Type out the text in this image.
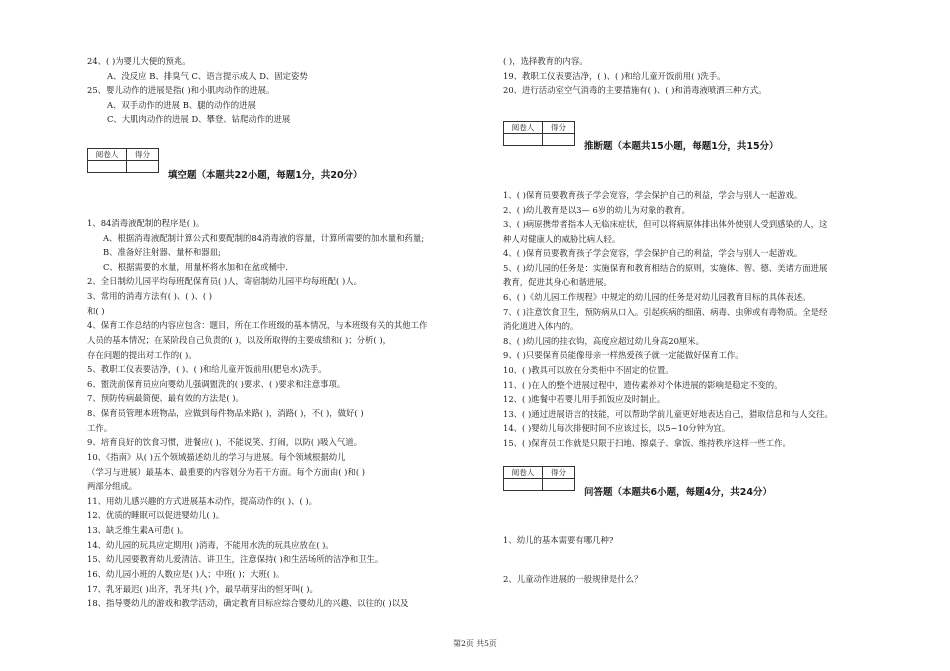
阅卷人	得分

填空题（本题共22小题，每题1分，共20分）
阅卷人	得分

推断题（本题共15小题，每题1分，共15分）
阅卷人	得分

问答题（本题共6小题，每题4分，共24分）
第2页 共5页
24、( )为婴儿大便的预兆。
A、没反应 B、排臭气 C、语言提示成人 D、固定姿势
25、婴儿动作的进展是指( )和小肌肉动作的进展。
A、双手动作的进展 B、腿的动作的进展
C、大肌肉动作的进展 D、攀登、钻爬动作的进展
1、84消毒液配制的程序是( )。
A、根据消毒液配制计算公式和要配制的84消毒液的容量，计算所需要的加水量和药量;
B、准备好注射器、量杯和器皿;
C、根据需要的水量，用量杯将水加和在盆或桶中.
2、全日制幼儿园平均每班配保育员( )人，寄宿制幼儿园平均每班配( )人。
3、常用的消毒方法有( )、( )、( )
和( )
4、保育工作总结的内容应包含：题目，所在工作班级的基本情况，与本班级有关的其他工作
人员的基本情况；在某阶段自己负责的( )，以及所取得的主要成绩和( )；分析( )，
存在问题的提出对工作的( )。
5、教职工仪表要洁净，( )、( )和给儿童开饭前用(肥皂水)洗手。
6、盥洗前保育员应向婴幼儿强调盥洗的( )要求、( )要求和注意事项。
7、预防传病最简便、最有效的方法是( )。
8、保育员管理本班物品，应做到每件物品来路( )，消路( )，不( )，做好( )
工作。
9、培育良好的饮食习惯，进餐应( )，不能说笑、打闹，以防( )吸入气道。
10、《指南》从( )五个领域描述幼儿的学习与进展。每个领域根据幼儿
（学习与进展）最基本、最重要的内容划分为若干方面。每个方面由( )和( )
两部分组成。
11、用幼儿感兴趣的方式进展基本动作，提高动作的( )、( )。
12、优质的睡眠可以促进婴幼儿( )。
13、缺乏维生素A可患( )。
14、幼儿园的玩具应定期用( )消毒，不能用水洗的玩具应放在( )。
15、幼儿园要教育幼儿爱清洁、讲卫生，注意保持( )和生活场所的洁净和卫生。
16、幼儿园小班的人数应是( )人；中班( )；大班( )。
17、乳牙最迟( )出齐，乳牙共( )个，最早萌芽出的恒牙叫( )。
18、指导婴幼儿的游戏和教学活动，确定教育目标应综合婴幼儿的兴趣、以往的( )以及
( )，选择教育的内容。
19、教职工仪表要洁净，( )、( )和给儿童开饭前用( )洗手。
20、进行活动室空气消毒的主要措施有( )、( )和消毒液喷洒三种方式。
1、( )保育员要教育孩子学会宽容，学会保护自己的利益，学会与别人一起游戏。
2、( )幼儿教育是以3— 6岁的幼儿为对象的教育。
3、( )病原携带者指本人无临床症状，但可以将病原体排出体外使别人受到感染的人，这
种人对健康人的威胁比病人轻。
4、( )保育员要教育孩子学会宽容，学会保护自己的利益，学会与别人一起游戏。
5、( )幼儿园的任务是：实施保育和教育相结合的原则，实施体、智、德、美诸方面进展
教育，促进其身心和谐进展。
6、( )《幼儿园工作规程》中规定的幼儿园的任务是对幼儿园教育目标的具体表述。
7、( )注意饮食卫生，预防病从口入。引起疾病的细菌、病毒、虫卵或有毒物质。全是经
消化道进入体内的。
8、( )幼儿园的挂衣钩，高度应超过幼儿身高20厘米。
9、( )只要保育员能像母亲一样热爱孩子就一定能做好保育工作。
10、( )教具可以放在分类柜中不固定的位置。
11、( )在人的整个进展过程中，遗传素养对个体进展的影响是稳定不变的。
12、( )進餐中若婴儿用手抓饭应及时制止。
13、( )通过进展语言的技能，可以帮助学前儿童更好地表达自己，猎取信息和与人交往。
14、( )婴幼儿每次排便时间不应该过长，以5~10分钟为宜。
15、( )保育员工作就是只限于扫地、擦桌子、拿饭、维持秩序这样一些工作。
1、幼儿的基本需要有哪几种?
2、儿童动作进展的一般规律是什么？
